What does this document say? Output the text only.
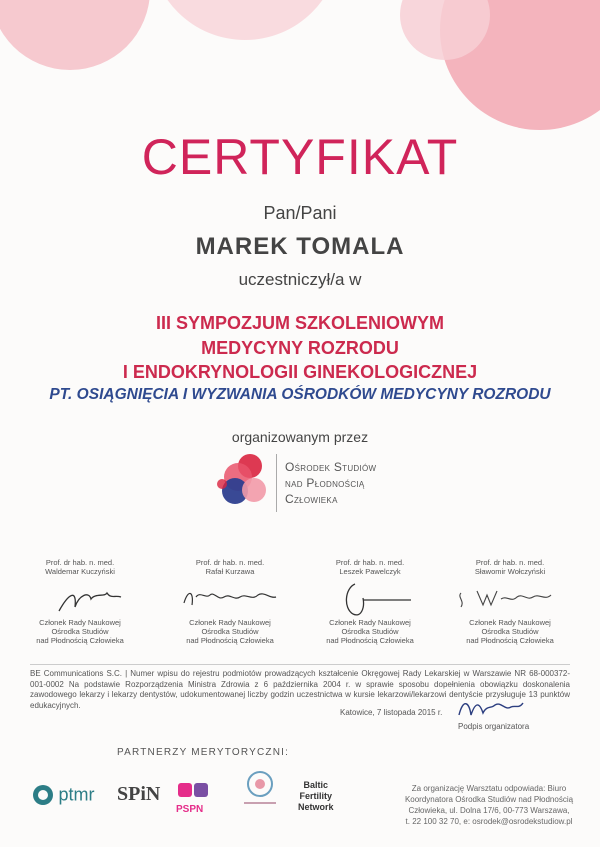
CERTYFIKAT
Pan/Pani
MAREK TOMALA
uczestniczył/a w
III SYMPOZJUM SZKOLENIOWYM
MEDYCYNY ROZRODU
I ENDOKRYNOLOGII GINEKOLOGICZNEJ
PT. OSIĄGNIĘCIA I WYZWANIA OŚRODKÓW MEDYCYNY ROZRODU
organizowanym przez
Ośrodek Studiów
nad Płodnością
Człowieka
Prof. dr hab. n. med.
Waldemar Kuczyński
Członek Rady Naukowej
Ośrodka Studiów
nad Płodnością Człowieka
Prof. dr hab. n. med.
Rafał Kurzawa
Członek Rady Naukowej
Ośrodka Studiów
nad Płodnością Człowieka
Prof. dr hab. n. med.
Leszek Pawelczyk
Członek Rady Naukowej
Ośrodka Studiów
nad Płodnością Człowieka
Prof. dr hab. n. med.
Sławomir Wołczyński
Członek Rady Naukowej
Ośrodka Studiów
nad Płodnością Człowieka
BE Communications S.C. | Numer wpisu do rejestru podmiotów prowadzących kształcenie Okręgowej Rady Lekarskiej w Warszawie NR 68-000372-001-0002 Na podstawie Rozporządzenia Ministra Zdrowia z 6 października 2004 r. w sprawie sposobu dopełnienia obowiązku doskonalenia zawodowego lekarzy i lekarzy dentystów, udokumentowanej liczby godzin uczestnictwa w kursie lekarzowi/lekarzowi dentyście przysługuje 13 punktów edukacyjnych.
Katowice, 7 listopada 2015 r.
Podpis organizatora
PARTNERZY MERYTORYCZNI:
ptmr SPiN
PSPN
Baltic
Fertility
Network
Za organizację Warsztatu odpowiada: Biuro
Koordynatora Ośrodka Studiów nad Płodnością
Człowieka, ul. Dolna 17/6, 00-773 Warszawa,
t. 22 100 32 70, e: osrodek@osrodekstudiow.pl
